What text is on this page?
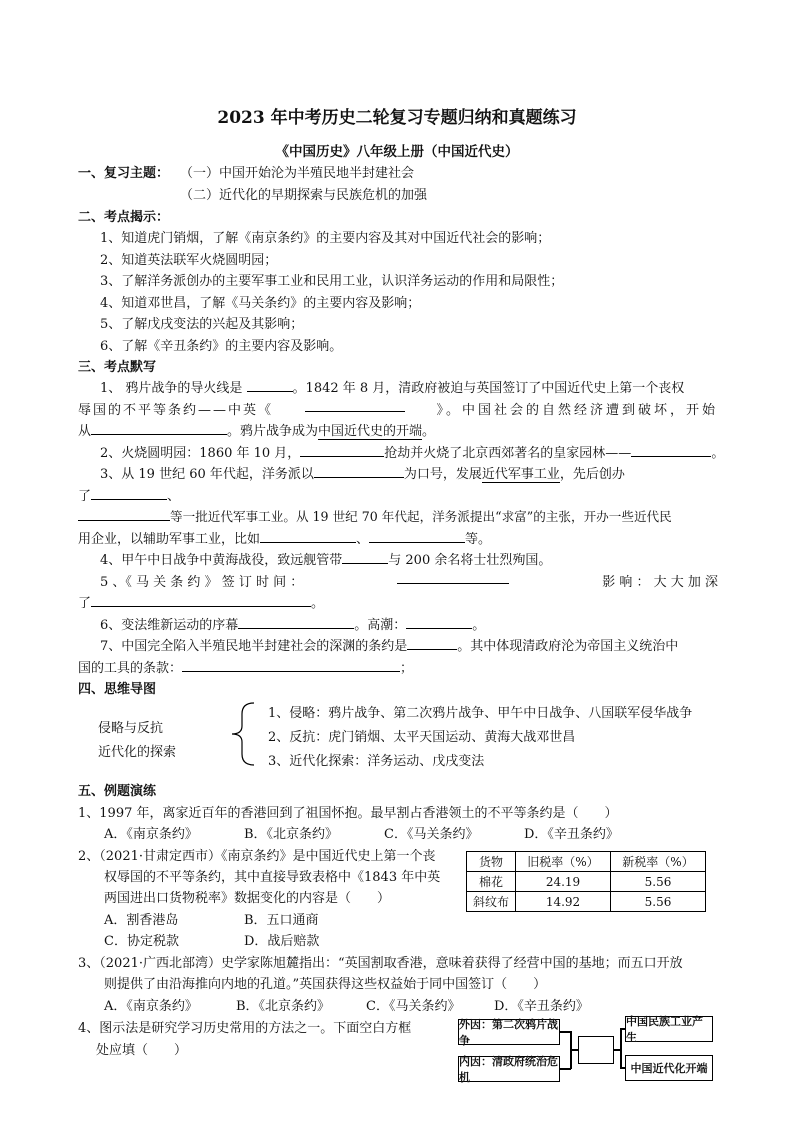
2023 年中考历史二轮复习专题归纳和真题练习
《中国历史》八年级上册（中国近代史）
一、复习主题： （一）中国开始沦为半殖民地半封建社会
（二）近代化的早期探索与民族危机的加强
二、考点揭示：
1、知道虎门销烟，了解《南京条约》的主要内容及其对中国近代社会的影响；
2、知道英法联军火烧圆明园；
3、了解洋务派创办的主要军事工业和民用工业，认识洋务运动的作用和局限性；
4、知道邓世昌，了解《马关条约》的主要内容及影响；
5、了解戊戌变法的兴起及其影响；
6、了解《辛丑条约》的主要内容及影响。
三、考点默写
1、 鸦片战争的导火线是	。1842 年 8 月，清政府被迫与英国签订了中国近代史上第一个丧权
辱国的不平等条约——中英《	》。中国社会的自然经济遭到破坏，开始
从	。鸦片战争成为中国近代史的开端。
2、火烧圆明园：1860 年 10 月，	抢劫并火烧了北京西郊著名的皇家园林——	。
3、从 19 世纪 60 年代起，洋务派以	为口号，发展近代军事工业，先后创办
了	、
等一批近代军事工业。从 19 世纪 70 年代起，洋务派提出“求富”的主张，开办一些近代民
用企业，以辅助军事工业，比如	、	等。
4、甲午中日战争中黄海战役，致远舰管带	与 200 余名将士壮烈殉国。
5 、《 马 关 条 约 》 签 订 时 间 ：	影 响 ： 大 大 加 深
了	。
6、变法维新运动的序幕	。高潮：	。
7、中国完全陷入半殖民地半封建社会的深渊的条约是	。其中体现清政府沦为帝国主义统治中
国的工具的条款：	；
四、思维导图
侵略与反抗
近代化的探索
1、侵略：鸦片战争、第二次鸦片战争、甲午中日战争、八国联军侵华战争
2、反抗：虎门销烟、太平天国运动、黄海大战邓世昌
3、近代化探索：洋务运动、戊戌变法
五、例题演练
1、1997 年，离家近百年的香港回到了祖国怀抱。最早割占香港领土的不平等条约是（　　）
A．《南京条约》	B．《北京条约》	C．《马关条约》	D．《辛丑条约》
2、（2021·甘肃定西市）《南京条约》是中国近代史上第一个丧
权辱国的不平等条约，其中直接导致表格中《1843 年中英
两国进出口货物税率》数据变化的内容是（　　）
A．割香港岛	B．五口通商
C．协定税款	D．战后赔款
货物	旧税率（%）	新税率（%）
棉花	24.19	5.56
斜纹布	14.92	5.56
3、（2021·广西北部湾）史学家陈旭麓指出：“英国割取香港，意味着获得了经营中国的基地；而五口开放
则提供了由沿海推向内地的孔道。”英国获得这些权益始于同中国签订（　　）
A．《南京条约》	B．《北京条约》	C．《马关条约》	D．《辛丑条约》
4、图示法是研究学习历史常用的方法之一。下面空白方框
处应填（　　）
外因：第二次鸦片战争
内因：清政府统治危机
中国民族工业产生
中国近代化开端
